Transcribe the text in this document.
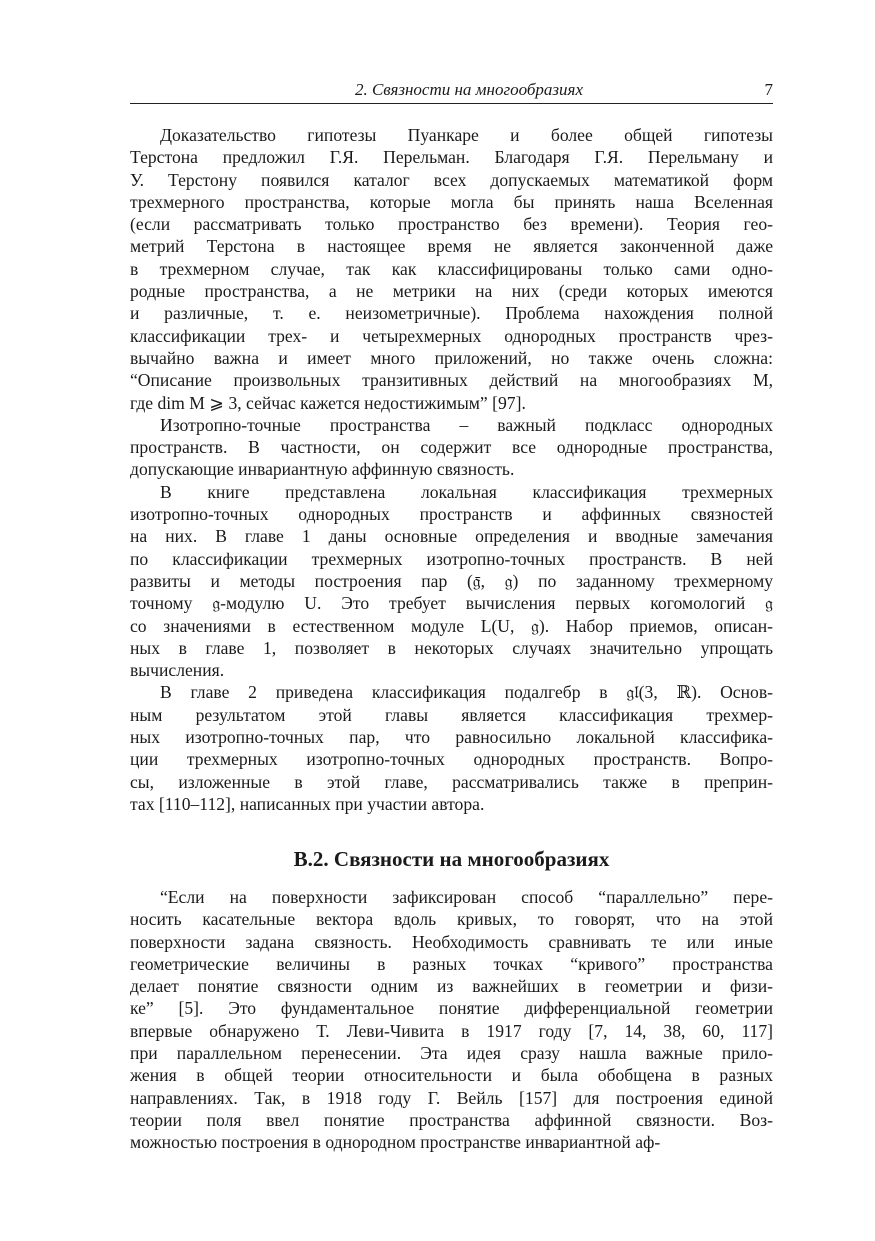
2. Связности на многообразиях	7
Доказательство гипотезы Пуанкаре и более общей гипотезы
Терстона предложил Г.Я. Перельман. Благодаря Г.Я. Перельману и
У. Терстону появился каталог всех допускаемых математикой форм
трехмерного пространства, которые могла бы принять наша Вселенная
(если рассматривать только пространство без времени). Теория гео-
метрий Терстона в настоящее время не является законченной даже
в трехмерном случае, так как классифицированы только сами одно-
родные пространства, а не метрики на них (среди которых имеются
и различные, т. е. неизометричные). Проблема нахождения полной
классификации трех- и четырехмерных однородных пространств чрез-
вычайно важна и имеет много приложений, но также очень сложна:
“Описание произвольных транзитивных действий на многообразиях M,
где dim M ⩾ 3, сейчас кажется недостижимым” [97].
Изотропно-точные пространства – важный подкласс однородных
пространств. В частности, он содержит все однородные пространства,
допускающие инвариантную аффинную связность.
В книге представлена локальная классификация трехмерных
изотропно-точных однородных пространств и аффинных связностей
на них. В главе 1 даны основные определения и вводные замечания
по классификации трехмерных изотропно-точных пространств. В ней
развиты и методы построения пар (𝔤̄, 𝔤) по заданному трехмерному
точному 𝔤-модулю U. Это требует вычисления первых когомологий 𝔤
со значениями в естественном модуле L(U, 𝔤). Набор приемов, описан-
ных в главе 1, позволяет в некоторых случаях значительно упрощать
вычисления.
В главе 2 приведена классификация подалгебр в 𝔤𝔩(3, ℝ). Основ-
ным результатом этой главы является классификация трехмер-
ных изотропно-точных пар, что равносильно локальной классифика-
ции трехмерных изотропно-точных однородных пространств. Вопро-
сы, изложенные в этой главе, рассматривались также в преприн-
тах [110–112], написанных при участии автора.
В.2. Связности на многообразиях
“Если на поверхности зафиксирован способ “параллельно” пере-
носить касательные вектора вдоль кривых, то говорят, что на этой
поверхности задана связность. Необходимость сравнивать те или иные
геометрические величины в разных точках “кривого” пространства
делает понятие связности одним из важнейших в геометрии и физи-
ке” [5]. Это фундаментальное понятие дифференциальной геометрии
впервые обнаружено Т. Леви-Чивита в 1917 году [7, 14, 38, 60, 117]
при параллельном перенесении. Эта идея сразу нашла важные прило-
жения в общей теории относительности и была обобщена в разных
направлениях. Так, в 1918 году Г. Вейль [157] для построения единой
теории поля ввел понятие пространства аффинной связности. Воз-
можностью построения в однородном пространстве инвариантной аф-
